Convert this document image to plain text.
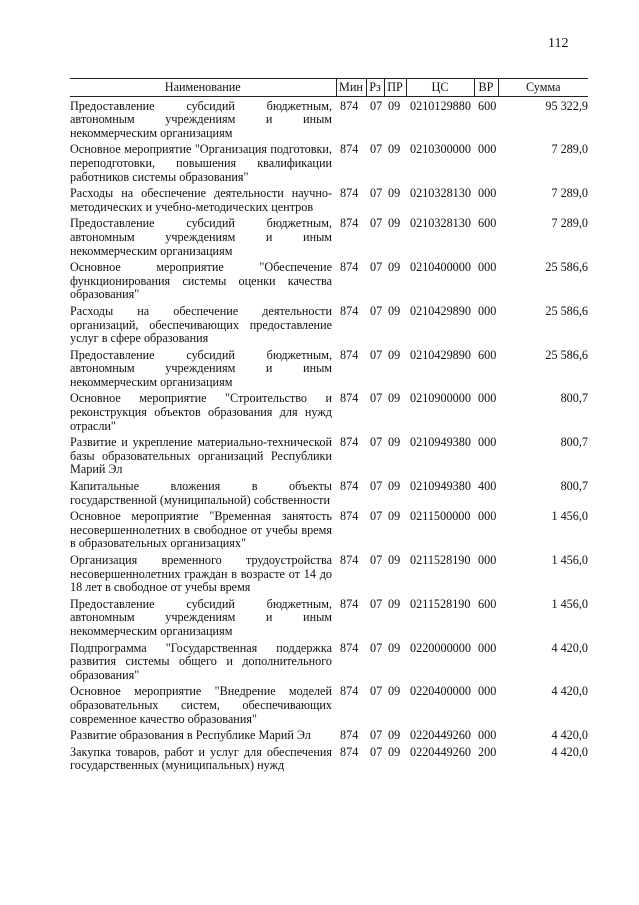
112
Наименование	Мин	Рз	ПР	ЦС	ВР	Сумма
Предоставление субсидий бюджетным, автономным учреждениям и иным некоммерческим организациям	874	07	09	0210129880	600	95 322,9
Основное мероприятие "Организация подготовки, переподготовки, повышения квалификации работников системы образования"	874	07	09	0210300000	000	7 289,0
Расходы на обеспечение деятельности научно-методических и учебно-методических центров	874	07	09	0210328130	000	7 289,0
Предоставление субсидий бюджетным, автономным учреждениям и иным некоммерческим организациям	874	07	09	0210328130	600	7 289,0
Основное мероприятие "Обеспечение функционирования системы оценки качества образования"	874	07	09	0210400000	000	25 586,6
Расходы на обеспечение деятельности организаций, обеспечивающих предоставление услуг в сфере образования	874	07	09	0210429890	000	25 586,6
Предоставление субсидий бюджетным, автономным учреждениям и иным некоммерческим организациям	874	07	09	0210429890	600	25 586,6
Основное мероприятие "Строительство и реконструкция объектов образования для нужд отрасли"	874	07	09	0210900000	000	800,7
Развитие и укрепление материально-технической базы образовательных организаций Республики Марий Эл	874	07	09	0210949380	000	800,7
Капитальные вложения в объекты государственной (муниципальной) собственности	874	07	09	0210949380	400	800,7
Основное мероприятие "Временная занятость несовершеннолетних в свободное от учебы время в образовательных организациях"	874	07	09	0211500000	000	1 456,0
Организация временного трудоустройства несовершеннолетних граждан в возрасте от 14 до 18 лет в свободное от учебы время	874	07	09	0211528190	000	1 456,0
Предоставление субсидий бюджетным, автономным учреждениям и иным некоммерческим организациям	874	07	09	0211528190	600	1 456,0
Подпрограмма "Государственная поддержка развития системы общего и дополнительного образования"	874	07	09	0220000000	000	4 420,0
Основное мероприятие "Внедрение моделей образовательных систем, обеспечивающих современное качество образования"	874	07	09	0220400000	000	4 420,0
Развитие образования в Республике Марий Эл	874	07	09	0220449260	000	4 420,0
Закупка товаров, работ и услуг для обеспечения государственных (муниципальных) нужд	874	07	09	0220449260	200	4 420,0
